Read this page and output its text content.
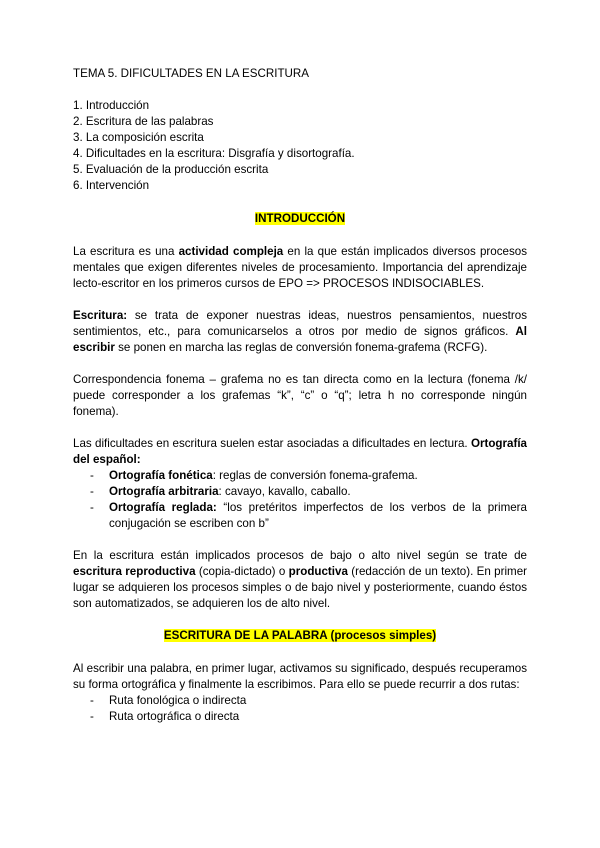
TEMA 5. DIFICULTADES EN LA ESCRITURA

1. Introducción
2. Escritura de las palabras
3. La composición escrita
4. Dificultades en la escritura: Disgrafía y disortografía.
5. Evaluación de la producción escrita
6. Intervención

INTRODUCCIÓN

La escritura es una actividad compleja en la que están implicados diversos procesos mentales que exigen diferentes niveles de procesamiento. Importancia del aprendizaje lecto-escritor en los primeros cursos de EPO => PROCESOS INDISOCIABLES.

Escritura: se trata de exponer nuestras ideas, nuestros pensamientos, nuestros sentimientos, etc., para comunicarselos a otros por medio de signos gráficos. Al escribir se ponen en marcha las reglas de conversión fonema-grafema (RCFG).

Correspondencia fonema – grafema no es tan directa como en la lectura (fonema /k/ puede corresponder a los grafemas “k”, “c” o “q”; letra h no corresponde ningún fonema).

Las dificultades en escritura suelen estar asociadas a dificultades en lectura. Ortografía del español:

- Ortografía fonética: reglas de conversión fonema-grafema.
- Ortografía arbitraria: cavayo, kavallo, caballo.
- Ortografía reglada: “los pretéritos imperfectos de los verbos de la primera conjugación se escriben con b”

En la escritura están implicados procesos de bajo o alto nivel según se trate de escritura reproductiva (copia-dictado) o productiva (redacción de un texto). En primer lugar se adquieren los procesos simples o de bajo nivel y posteriormente, cuando éstos son automatizados, se adquieren los de alto nivel.

ESCRITURA DE LA PALABRA (procesos simples)

Al escribir una palabra, en primer lugar, activamos su significado, después recuperamos su forma ortográfica y finalmente la escribimos. Para ello se puede recurrir a dos rutas:

- Ruta fonológica o indirecta
- Ruta ortográfica o directa
